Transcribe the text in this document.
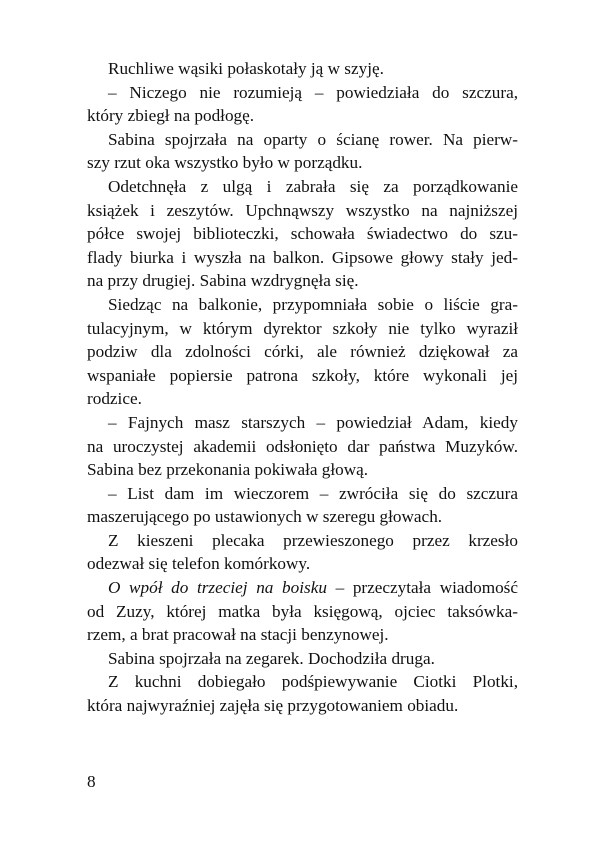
Ruchliwe wąsiki połaskotały ją w szyję.
– Niczego nie rozumieją – powiedziała do szczura,
który zbiegł na podłogę.
Sabina spojrzała na oparty o ścianę rower. Na pierw-
szy rzut oka wszystko było w porządku.
Odetchnęła z ulgą i zabrała się za porządkowanie
książek i zeszytów. Upchnąwszy wszystko na najniższej
półce swojej biblioteczki, schowała świadectwo do szu-
flady biurka i wyszła na balkon. Gipsowe głowy stały jed-
na przy drugiej. Sabina wzdrygnęła się.
Siedząc na balkonie, przypomniała sobie o liście gra-
tulacyjnym, w którym dyrektor szkoły nie tylko wyraził
podziw dla zdolności córki, ale również dziękował za
wspaniałe popiersie patrona szkoły, które wykonali jej
rodzice.
– Fajnych masz starszych – powiedział Adam, kiedy
na uroczystej akademii odsłonięto dar państwa Muzyków.
Sabina bez przekonania pokiwała głową.
– List dam im wieczorem – zwróciła się do szczura
maszerującego po ustawionych w szeregu głowach.
Z kieszeni plecaka przewieszonego przez krzesło
odezwał się telefon komórkowy.
O wpół do trzeciej na boisku – przeczytała wiadomość
od Zuzy, której matka była księgową, ojciec taksówka-
rzem, a brat pracował na stacji benzynowej.
Sabina spojrzała na zegarek. Dochodziła druga.
Z kuchni dobiegało podśpiewywanie Ciotki Plotki,
która najwyraźniej zajęła się przygotowaniem obiadu.
8
